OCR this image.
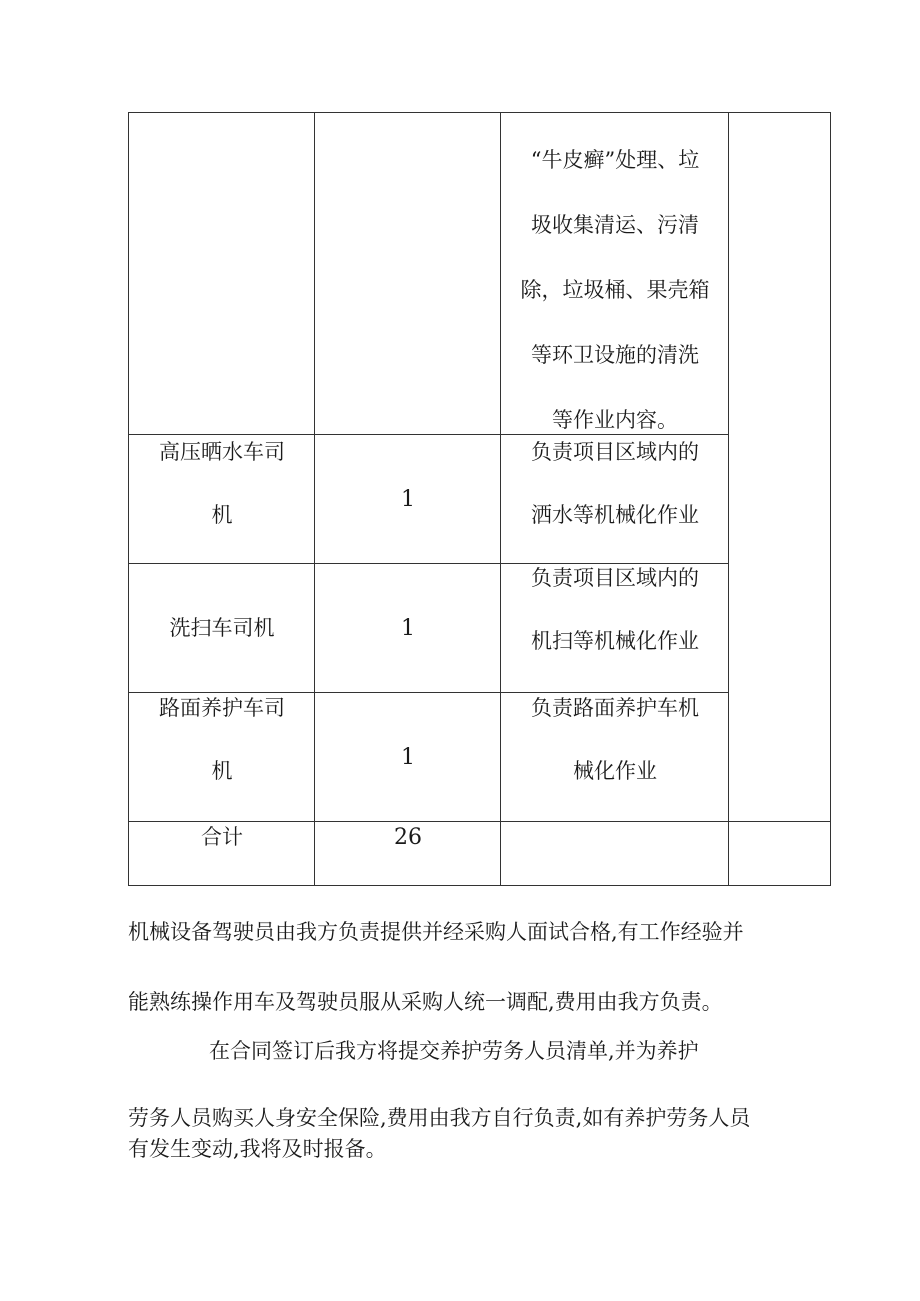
“牛皮癣”处理、垃
圾收集清运、污清
除，垃圾桶、果壳箱
等环卫设施的清洗
等作业内容。
高压晒水车司
机
1
负责项目区域内的
洒水等机械化作业
洗扫车司机	1
负责项目区域内的
机扫等机械化作业
路面养护车司
机
1
负责路面养护车机
械化作业
合计	26
机械设备驾驶员由我方负责提供并经采购人面试合格,有工作经验并
能熟练操作用车及驾驶员服从采购人统一调配,费用由我方负责。
在合同签订后我方将提交养护劳务人员清单,并为养护
劳务人员购买人身安全保险,费用由我方自行负责,如有养护劳务人员
有发生变动,我将及时报备。
